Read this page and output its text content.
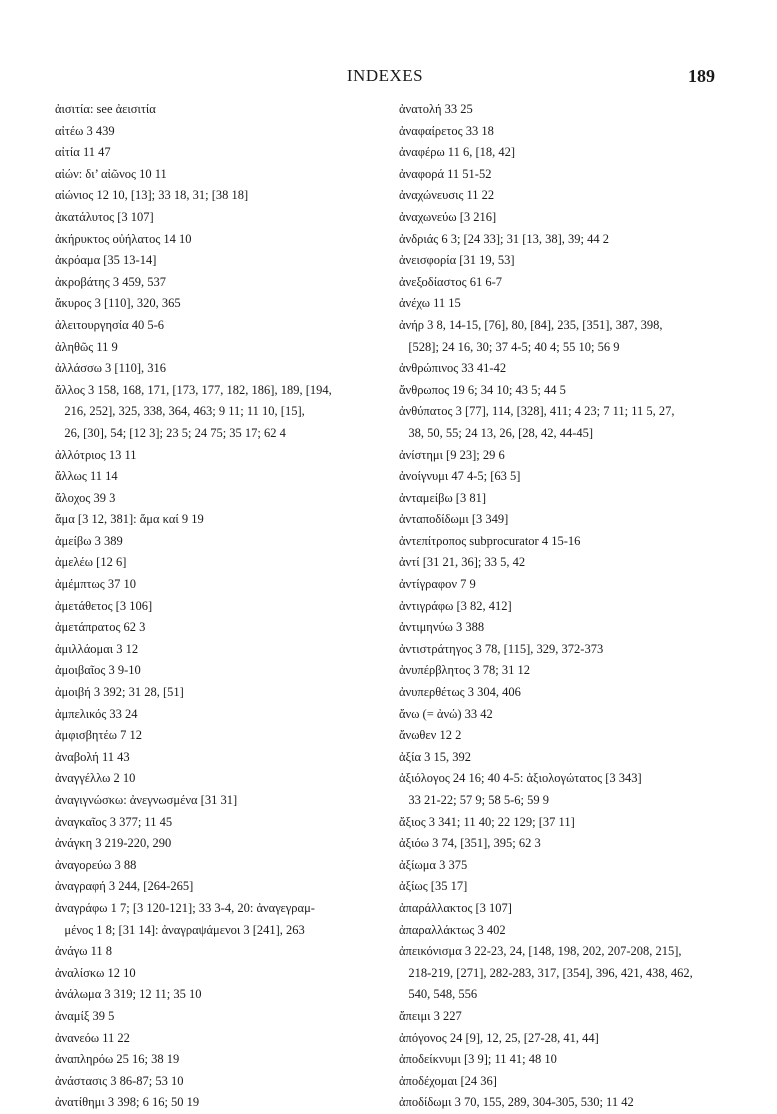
INDEXES	189
ἀισιτία: see ἀεισιτία
αἰτέω 3 439
αἰτία 11 47
αἰών: δι’ αἰῶνος 10 11
αἰώνιος 12 10, [13]; 33 18, 31; [38 18]
ἀκατάλυτος [3 107]
ἀκήρυκτος οὐήλατος 14 10
ἀκρόαμα [35 13-14]
ἀκροβάτης 3 459, 537
ἄκυρος 3 [110], 320, 365
ἀλειτουργησία 40 5-6
ἀληθῶς 11 9
ἀλλάσσω 3 [110], 316
ἄλλος 3 158, 168, 171, [173, 177, 182, 186], 189, [194,
216, 252], 325, 338, 364, 463; 9 11; 11 10, [15],
26, [30], 54; [12 3]; 23 5; 24 75; 35 17; 62 4
ἀλλότριος 13 11
ἄλλως 11 14
ἄλοχος 39 3
ἅμα [3 12, 381]: ἅμα καί 9 19
ἀμείβω 3 389
ἀμελέω [12 6]
ἀμέμπτως 37 10
ἀμετάθετος [3 106]
ἀμετάπρατος 62 3
ἀμιλλάομαι 3 12
ἀμοιβαῖος 3 9-10
ἀμοιβή 3 392; 31 28, [51]
ἀμπελικός 33 24
ἀμφισβητέω 7 12
ἀναβολή 11 43
ἀναγγέλλω 2 10
ἀναγιγνώσκω: ἀνεγνωσμένα [31 31]
ἀναγκαῖος 3 377; 11 45
ἀνάγκη 3 219-220, 290
ἀναγορεύω 3 88
ἀναγραφή 3 244, [264-265]
ἀναγράφω 1 7; [3 120-121]; 33 3-4, 20: ἀναγεγραμ-
μένος 1 8; [31 14]: ἀναγραψάμενοι 3 [241], 263
ἀνάγω 11 8
ἀναλίσκω 12 10
ἀνάλωμα 3 319; 12 11; 35 10
ἀναμίξ 39 5
ἀνανεόω 11 22
ἀναπληρόω 25 16; 38 19
ἀνάστασις 3 86-87; 53 10
ἀνατίθημι 3 398; 6 16; 50 19
ἀνατολή 33 25
ἀναφαίρετος 33 18
ἀναφέρω 11 6, [18, 42]
ἀναφορά 11 51-52
ἀναχώνευσις 11 22
ἀναχωνεύω [3 216]
ἀνδριάς 6 3; [24 33]; 31 [13, 38], 39; 44 2
ἀνεισφορία [31 19, 53]
ἀνεξοδίαστος 61 6-7
ἀνέχω 11 15
ἀνήρ 3 8, 14-15, [76], 80, [84], 235, [351], 387, 398,
[528]; 24 16, 30; 37 4-5; 40 4; 55 10; 56 9
ἀνθρώπινος 33 41-42
ἄνθρωπος 19 6; 34 10; 43 5; 44 5
ἀνθύπατος 3 [77], 114, [328], 411; 4 23; 7 11; 11 5, 27,
38, 50, 55; 24 13, 26, [28, 42, 44-45]
ἀνίστημι [9 23]; 29 6
ἀνοίγνυμι 47 4-5; [63 5]
ἀνταμείβω [3 81]
ἀνταποδίδωμι [3 349]
ἀντεπίτροπος subprocurator 4 15-16
ἀντί [31 21, 36]; 33 5, 42
ἀντίγραφον 7 9
ἀντιγράφω [3 82, 412]
ἀντιμηνύω 3 388
ἀντιστράτηγος 3 78, [115], 329, 372-373
ἀνυπέρβλητος 3 78; 31 12
ἀνυπερθέτως 3 304, 406
ἄνω (= ἀνώ) 33 42
ἄνωθεν 12 2
ἀξία 3 15, 392
ἀξιόλογος 24 16; 40 4-5: ἀξιολογώτατος [3 343]
33 21-22; 57 9; 58 5-6; 59 9
ἄξιος 3 341; 11 40; 22 129; [37 11]
ἀξιόω 3 74, [351], 395; 62 3
ἀξίωμα 3 375
ἀξίως [35 17]
ἀπαράλλακτος [3 107]
ἀπαραλλάκτως 3 402
ἀπεικόνισμα 3 22-23, 24, [148, 198, 202, 207-208, 215],
218-219, [271], 282-283, 317, [354], 396, 421, 438, 462,
540, 548, 556
ἄπειμι 3 227
ἀπόγονος 24 [9], 12, 25, [27-28, 41, 44]
ἀποδείκνυμι [3 9]; 11 41; 48 10
ἀποδέχομαι [24 36]
ἀποδίδωμι 3 70, 155, 289, 304-305, 530; 11 42
